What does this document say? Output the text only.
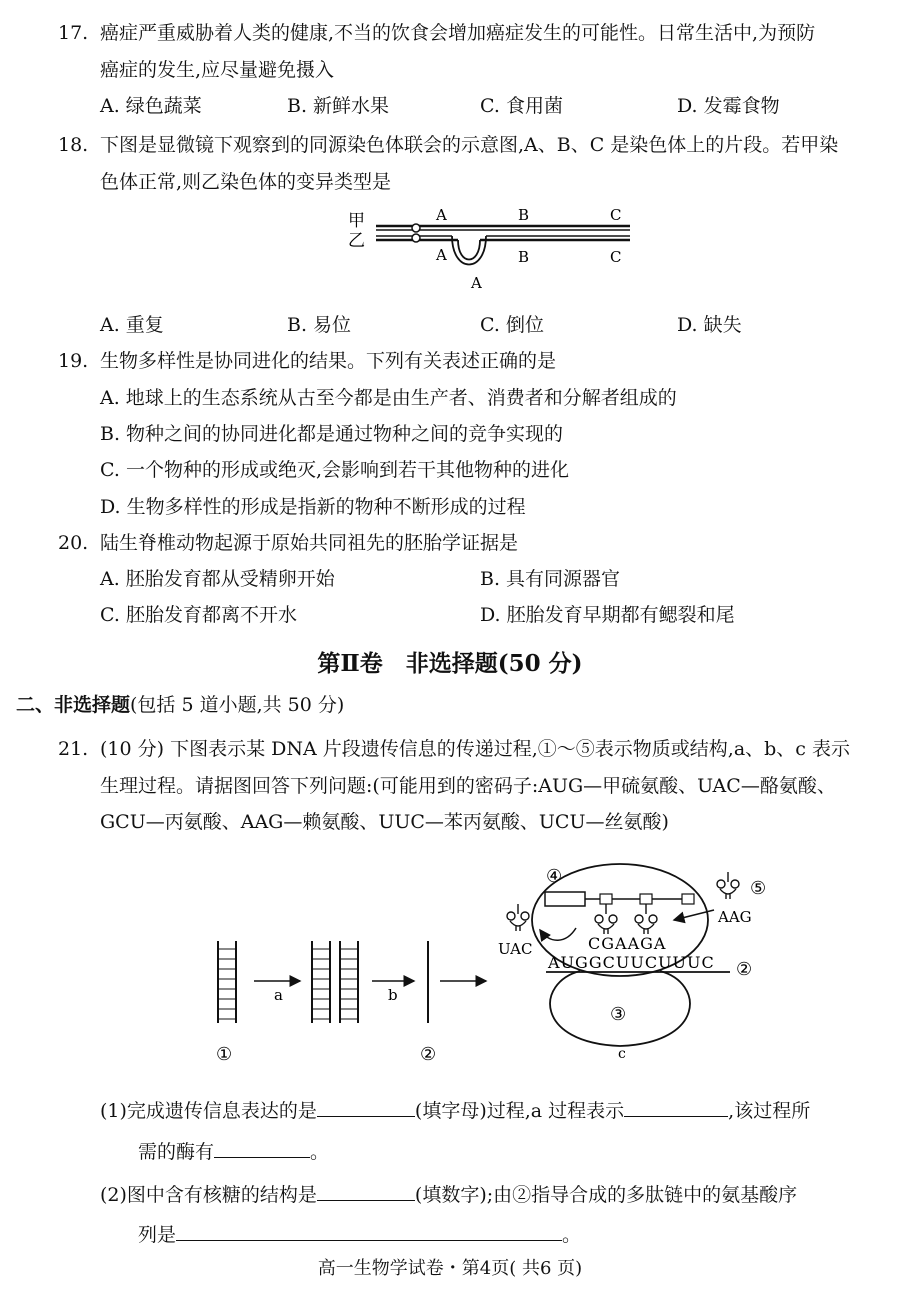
17. 癌症严重威胁着人类的健康,不当的饮食会增加癌症发生的可能性。日常生活中,为预防
癌症的发生,应尽量避免摄入
A. 绿色蔬菜	B. 新鲜水果	C. 食用菌	D. 发霉食物
18. 下图是显微镜下观察到的同源染色体联会的示意图,A、B、C 是染色体上的片段。若甲染
色体正常,则乙染色体的变异类型是
甲
乙
A	B	C
A	B	C
A
A. 重复	B. 易位	C. 倒位	D. 缺失
19. 生物多样性是协同进化的结果。下列有关表述正确的是
A. 地球上的生态系统从古至今都是由生产者、消费者和分解者组成的
B. 物种之间的协同进化都是通过物种之间的竞争实现的
C. 一个物种的形成或绝灭,会影响到若干其他物种的进化
D. 生物多样性的形成是指新的物种不断形成的过程
20. 陆生脊椎动物起源于原始共同祖先的胚胎学证据是
A. 胚胎发育都从受精卵开始	B. 具有同源器官
C. 胚胎发育都离不开水	D. 胚胎发育早期都有鳃裂和尾
第Ⅱ卷　非选择题(50 分)
二、非选择题(包括 5 道小题,共 50 分)
21. (10 分) 下图表示某 DNA 片段遗传信息的传递过程,①～⑤表示物质或结构,a、b、c 表示
生理过程。请据图回答下列问题:(可能用到的密码子:AUG—甲硫氨酸、UAC—酪氨酸、
GCU—丙氨酸、AAG—赖氨酸、UUC—苯丙氨酸、UCU—丝氨酸)
①
a	b
②	c
③
AUGGCUUCUUUC ②
CGAAGA
④
UAC
⑤
AAG
(1)完成遗传信息表达的是	(填字母)过程,a 过程表示	,该过程所
需的酶有	。
(2)图中含有核糖的结构是	(填数字);由②指导合成的多肽链中的氨基酸序
列是	。
高一生物学试卷・第4页( 共6 页)
